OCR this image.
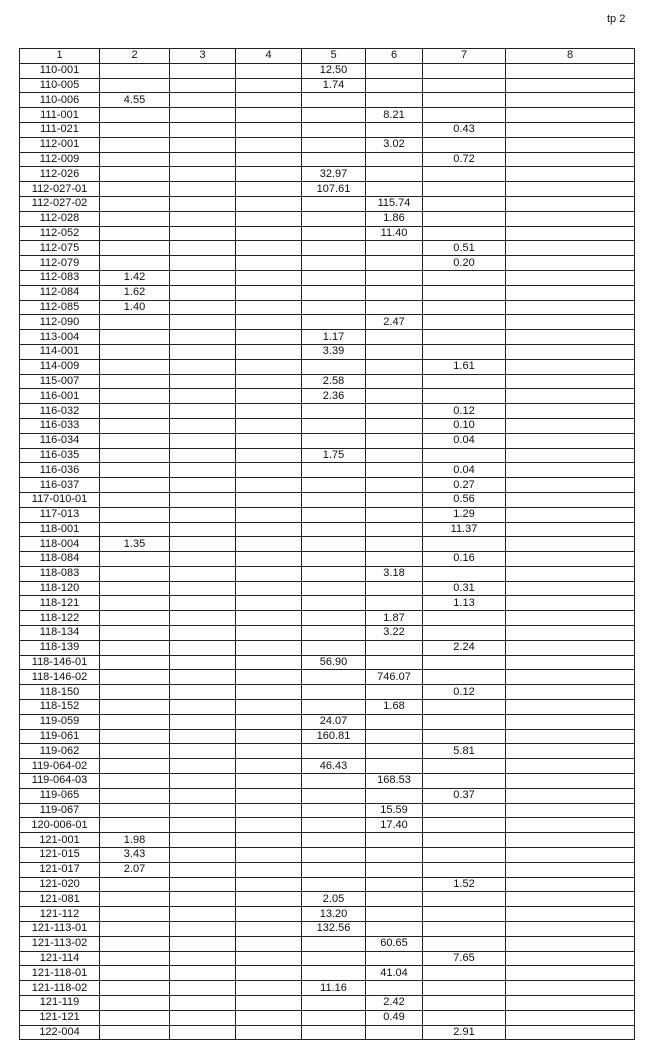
tp 2
1	2	3	4	5	6	7	8
110-001				12.50			
110-005				1.74			
110-006	4.55						
111-001					8.21		
111-021						0.43	
112-001					3.02		
112-009						0.72	
112-026				32.97			
112-027-01				107.61			
112-027-02					115.74		
112-028					1.86		
112-052					11.40		
112-075						0.51	
112-079						0.20	
112-083	1.42						
112-084	1.62						
112-085	1.40						
112-090					2.47		
113-004				1.17			
114-001				3.39			
114-009						1.61	
115-007				2.58			
116-001				2.36			
116-032						0.12	
116-033						0.10	
116-034						0.04	
116-035				1.75			
116-036						0.04	
116-037						0.27	
117-010-01						0.56	
117-013						1.29	
118-001						11.37	
118-004	1.35						
118-084						0.16	
118-083					3.18		
118-120						0.31	
118-121						1.13	
118-122					1.87		
118-134					3.22		
118-139						2.24	
118-146-01				56.90			
118-146-02					746.07		
118-150						0.12	
118-152					1.68		
119-059				24.07			
119-061				160.81			
119-062						5.81	
119-064-02				46.43			
119-064-03					168.53		
119-065						0.37	
119-067					15.59		
120-006-01					17.40		
121-001	1.98						
121-015	3.43						
121-017	2.07						
121-020						1.52	
121-081				2.05			
121-112				13.20			
121-113-01				132.56			
121-113-02					60.65		
121-114						7.65	
121-118-01					41.04		
121-118-02				11.16			
121-119					2.42		
121-121					0.49		
122-004						2.91	
